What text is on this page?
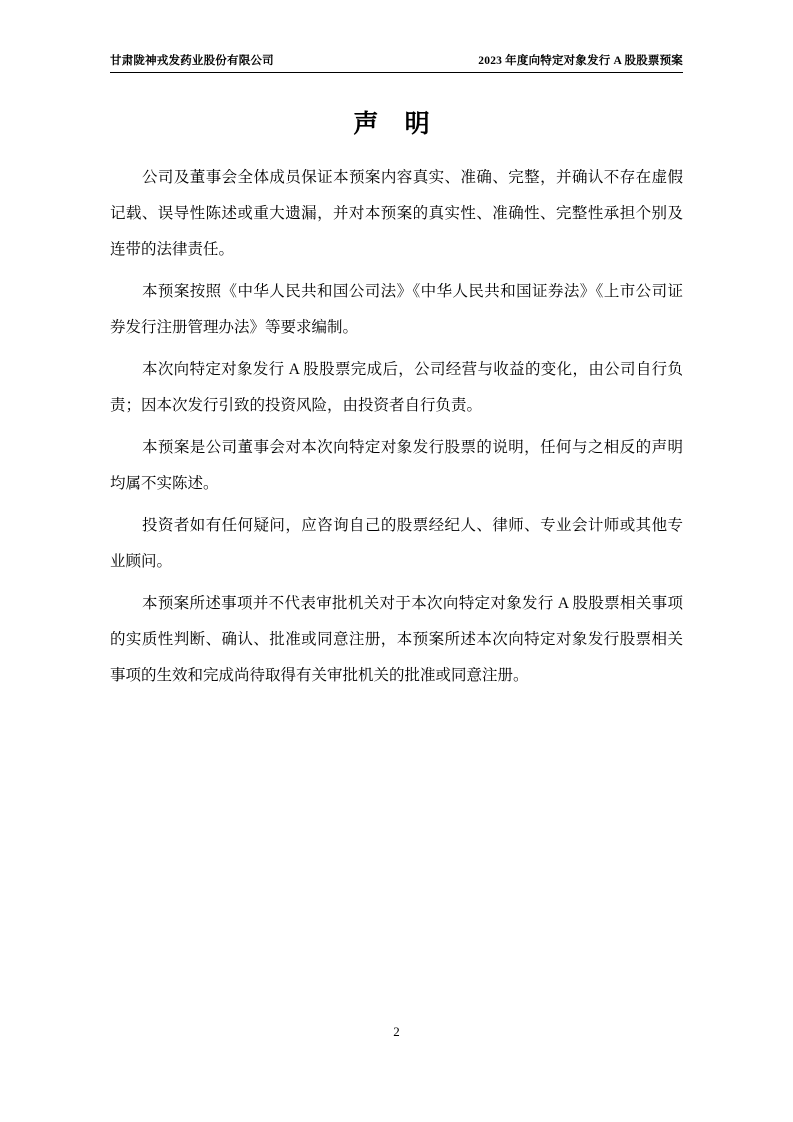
甘肃陇神戎发药业股份有限公司	2023 年度向特定对象发行 A 股股票预案
声 明

公司及董事会全体成员保证本预案内容真实、准确、完整，并确认不存在虚假记载、误导性陈述或重大遗漏，并对本预案的真实性、准确性、完整性承担个别及连带的法律责任。

本预案按照《中华人民共和国公司法》《中华人民共和国证券法》《上市公司证券发行注册管理办法》等要求编制。

本次向特定对象发行 A 股股票完成后，公司经营与收益的变化，由公司自行负责；因本次发行引致的投资风险，由投资者自行负责。

本预案是公司董事会对本次向特定对象发行股票的说明，任何与之相反的声明均属不实陈述。

投资者如有任何疑问，应咨询自己的股票经纪人、律师、专业会计师或其他专业顾问。

本预案所述事项并不代表审批机关对于本次向特定对象发行 A 股股票相关事项的实质性判断、确认、批准或同意注册，本预案所述本次向特定对象发行股票相关事项的生效和完成尚待取得有关审批机关的批准或同意注册。

2
